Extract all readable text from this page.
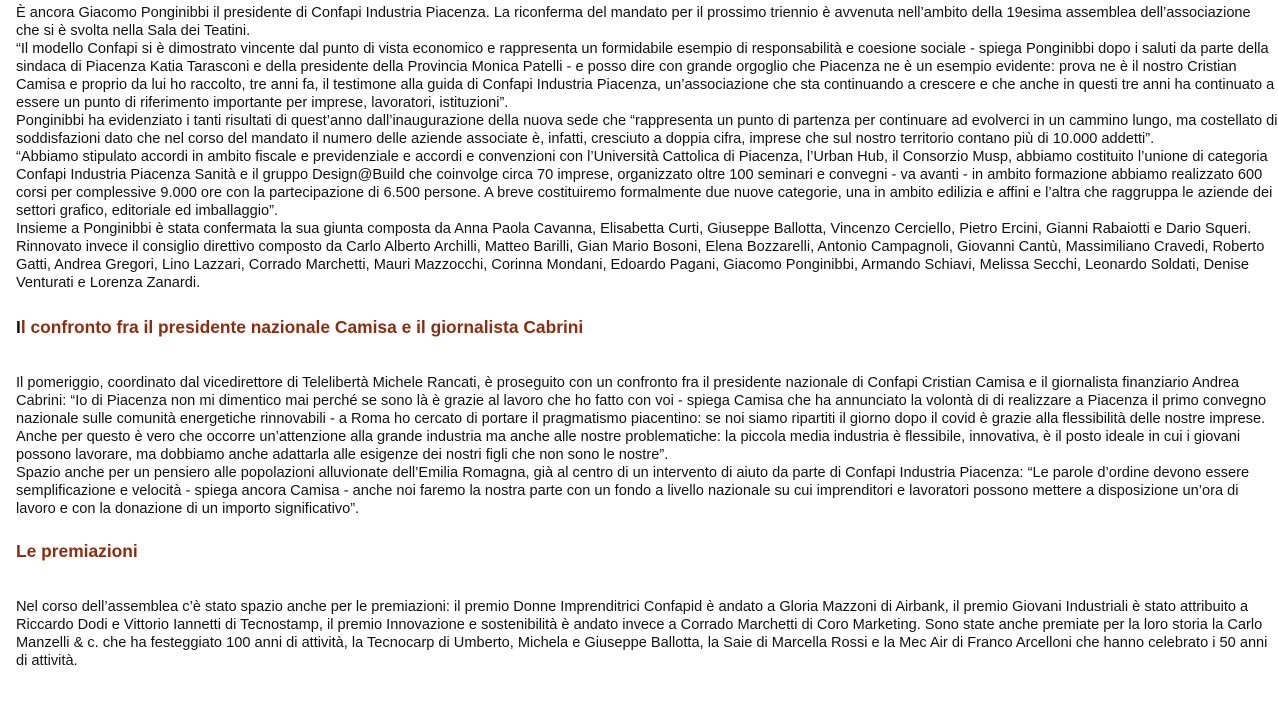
È ancora Giacomo Ponginibbi il presidente di Confapi Industria Piacenza. La riconferma del mandato per il prossimo triennio è avvenuta nell’ambito della 19esima assemblea dell’associazione che si è svolta nella Sala dei Teatini.

“Il modello Confapi si è dimostrato vincente dal punto di vista economico e rappresenta un formidabile esempio di responsabilità e coesione sociale - spiega Ponginibbi dopo i saluti da parte della sindaca di Piacenza Katia Tarasconi e della presidente della Provincia Monica Patelli - e posso dire con grande orgoglio che Piacenza ne è un esempio evidente: prova ne è il nostro Cristian Camisa e proprio da lui ho raccolto, tre anni fa, il testimone alla guida di Confapi Industria Piacenza, un’associazione che sta continuando a crescere e che anche in questi tre anni ha continuato a essere un punto di riferimento importante per imprese, lavoratori, istituzioni”.

Ponginibbi ha evidenziato i tanti risultati di quest’anno dall’inaugurazione della nuova sede che “rappresenta un punto di partenza per continuare ad evolverci in un cammino lungo, ma costellato di soddisfazioni dato che nel corso del mandato il numero delle aziende associate è, infatti, cresciuto a doppia cifra, imprese che sul nostro territorio contano più di 10.000 addetti”.

“Abbiamo stipulato accordi in ambito fiscale e previdenziale e accordi e convenzioni con l’Università Cattolica di Piacenza, l’Urban Hub, il Consorzio Musp, abbiamo costituito l’unione di categoria Confapi Industria Piacenza Sanità e il gruppo Design@Build che coinvolge circa 70 imprese, organizzato oltre 100 seminari e convegni - va avanti - in ambito formazione abbiamo realizzato 600 corsi per complessive 9.000 ore con la partecipazione di 6.500 persone. A breve costituiremo formalmente due nuove categorie, una in ambito edilizia e affini e l’altra che raggruppa le aziende dei settori grafico, editoriale ed imballaggio”.

Insieme a Ponginibbi è stata confermata la sua giunta composta da Anna Paola Cavanna, Elisabetta Curti, Giuseppe Ballotta, Vincenzo Cerciello, Pietro Ercini, Gianni Rabaiotti e Dario Squeri. Rinnovato invece il consiglio direttivo composto da Carlo Alberto Archilli, Matteo Barilli, Gian Mario Bosoni, Elena Bozzarelli, Antonio Campagnoli, Giovanni Cantù, Massimiliano Cravedi, Roberto Gatti, Andrea Gregori, Lino Lazzari, Corrado Marchetti, Mauri Mazzocchi, Corinna Mondani, Edoardo Pagani, Giacomo Ponginibbi, Armando Schiavi, Melissa Secchi, Leonardo Soldati, Denise Venturati e Lorenza Zanardi.

Il confronto fra il presidente nazionale Camisa e il giornalista Cabrini

Il pomeriggio, coordinato dal vicedirettore di Telelibertà Michele Rancati, è proseguito con un confronto fra il presidente nazionale di Confapi Cristian Camisa e il giornalista finanziario Andrea Cabrini: “Io di Piacenza non mi dimentico mai perché se sono là è grazie al lavoro che ho fatto con voi - spiega Camisa che ha annunciato la volontà di di realizzare a Piacenza il primo convegno nazionale sulle comunità energetiche rinnovabili - a Roma ho cercato di portare il pragmatismo piacentino: se noi siamo ripartiti il giorno dopo il covid è grazie alla flessibilità delle nostre imprese. Anche per questo è vero che occorre un’attenzione alla grande industria ma anche alle nostre problematiche: la piccola media industria è flessibile, innovativa, è il posto ideale in cui i giovani possono lavorare, ma dobbiamo anche adattarla alle esigenze dei nostri figli che non sono le nostre”.

Spazio anche per un pensiero alle popolazioni alluvionate dell’Emilia Romagna, già al centro di un intervento di aiuto da parte di Confapi Industria Piacenza: “Le parole d’ordine devono essere semplificazione e velocità - spiega ancora Camisa - anche noi faremo la nostra parte con un fondo a livello nazionale su cui imprenditori e lavoratori possono mettere a disposizione un’ora di lavoro e con la donazione di un importo significativo”.

Le premiazioni

Nel corso dell’assemblea c’è stato spazio anche per le premiazioni: il premio Donne Imprenditrici Confapid è andato a Gloria Mazzoni di Airbank, il premio Giovani Industriali è stato attribuito a Riccardo Dodi e Vittorio Iannetti di Tecnostamp, il premio Innovazione e sostenibilità è andato invece a Corrado Marchetti di Coro Marketing. Sono state anche premiate per la loro storia la Carlo Manzelli & c. che ha festeggiato 100 anni di attività, la Tecnocarp di Umberto, Michela e Giuseppe Ballotta, la Saie di Marcella Rossi e la Mec Air di Franco Arcelloni che hanno celebrato i 50 anni di attività.
